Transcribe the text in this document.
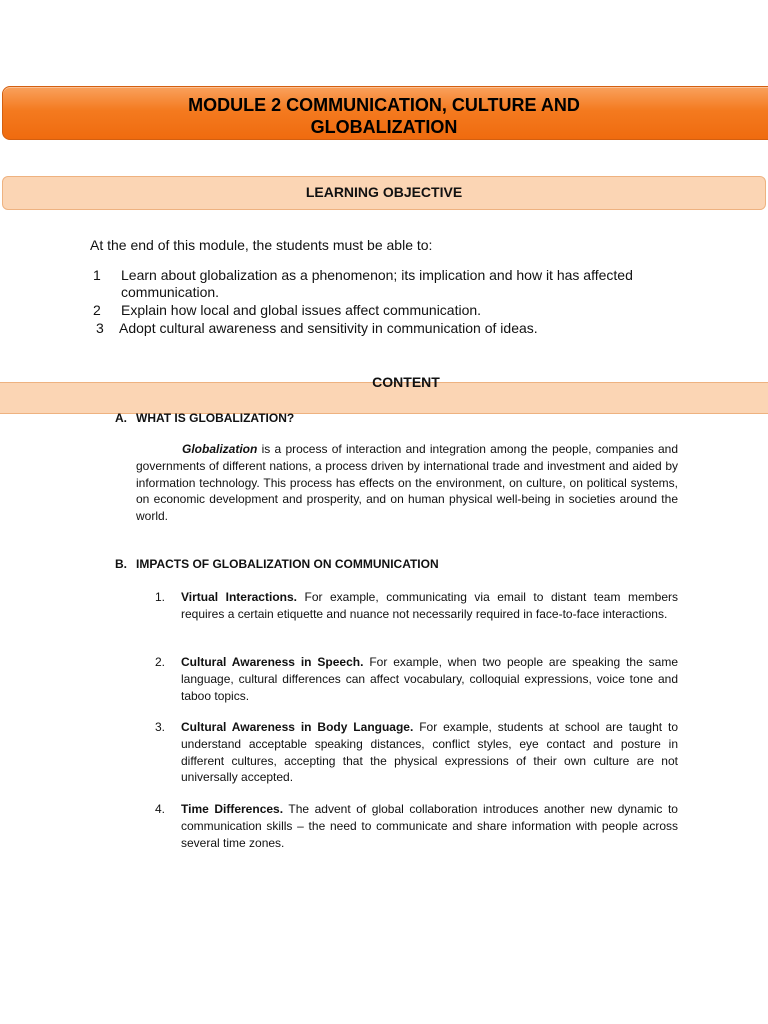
MODULE 2 COMMUNICATION, CULTURE AND
GLOBALIZATION
LEARNING OBJECTIVE
At the end of this module, the students must be able to:
1 Learn about globalization as a phenomenon; its implication and how it has affected communication.
2 Explain how local and global issues affect communication.
3 Adopt cultural awareness and sensitivity in communication of ideas.
CONTENT
A. WHAT IS GLOBALIZATION?
Globalization is a process of interaction and integration among the people, companies and governments of different nations, a process driven by international trade and investment and aided by information technology. This process has effects on the environment, on culture, on political systems, on economic development and prosperity, and on human physical well-being in societies around the world.
B. IMPACTS OF GLOBALIZATION ON COMMUNICATION
1. Virtual Interactions. For example, communicating via email to distant team members requires a certain etiquette and nuance not necessarily required in face-to-face interactions.
2. Cultural Awareness in Speech. For example, when two people are speaking the same language, cultural differences can affect vocabulary, colloquial expressions, voice tone and taboo topics.
3. Cultural Awareness in Body Language. For example, students at school are taught to understand acceptable speaking distances, conflict styles, eye contact and posture in different cultures, accepting that the physical expressions of their own culture are not universally accepted.
4. Time Differences. The advent of global collaboration introduces another new dynamic to communication skills – the need to communicate and share information with people across several time zones.
